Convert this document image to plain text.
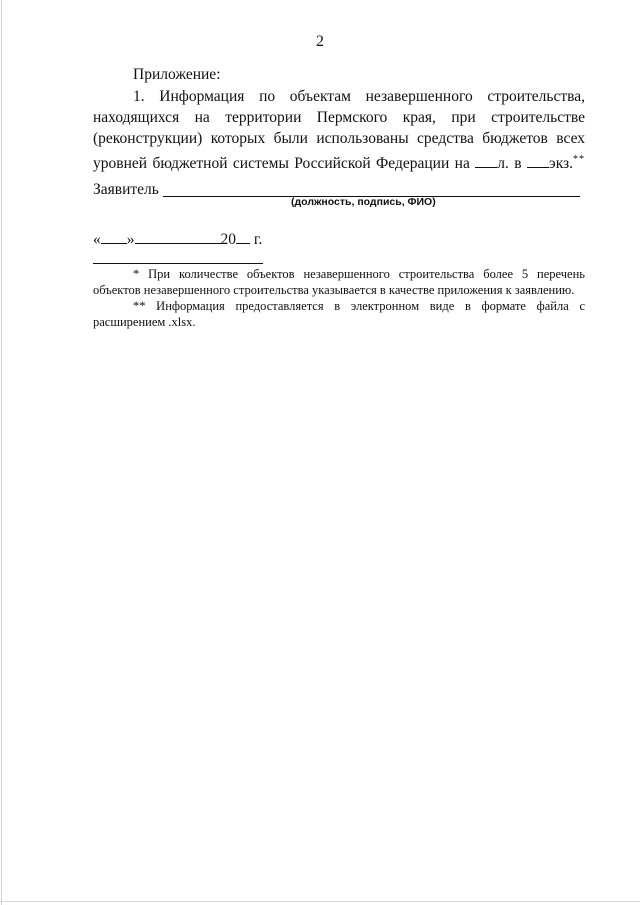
2
Приложение:
1. Информация по объектам незавершенного строительства, находящихся на территории Пермского края, при строительстве (реконструкции) которых были использованы средства бюджетов всех уровней бюджетной системы Российской Федерации на л. в экз.**
Заявитель
(должность, подпись, ФИО)
« »	20 г.

* При количестве объектов незавершенного строительства более 5 перечень объектов незавершенного строительства указывается в качестве приложения к заявлению.

** Информация предоставляется в электронном виде в формате файла с расширением .xlsx.
